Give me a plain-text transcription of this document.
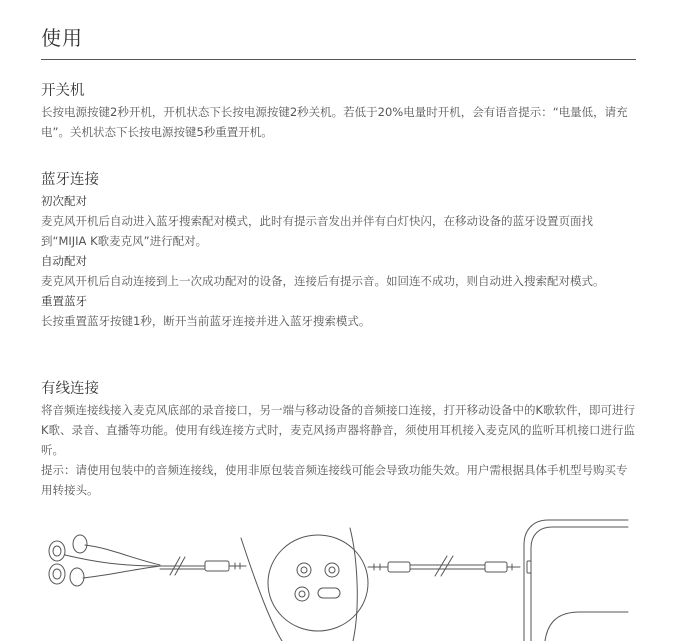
使用
开关机

长按电源按键2秒开机，开机状态下长按电源按键2秒关机。若低于20%电量时开机，会有语音提示：“电量低，请充电”。关机状态下长按电源按键5秒重置开机。

蓝牙连接
初次配对

麦克风开机后自动进入蓝牙搜索配对模式，此时有提示音发出并伴有白灯快闪，在移动设备的蓝牙设置页面找到“MIJIA K歌麦克风”进行配对。

自动配对

麦克风开机后自动连接到上一次成功配对的设备，连接后有提示音。如回连不成功，则自动进入搜索配对模式。

重置蓝牙

长按重置蓝牙按键1秒，断开当前蓝牙连接并进入蓝牙搜索模式。

有线连接

将音频连接线接入麦克风底部的录音接口，另一端与移动设备的音频接口连接，打开移动设备中的K歌软件，即可进行K歌、录音、直播等功能。使用有线连接方式时，麦克风扬声器将静音，须使用耳机接入麦克风的监听耳机接口进行监听。

提示：请使用包装中的音频连接线，使用非原包装音频连接线可能会导致功能失效。用户需根据具体手机型号购买专用转接头。
